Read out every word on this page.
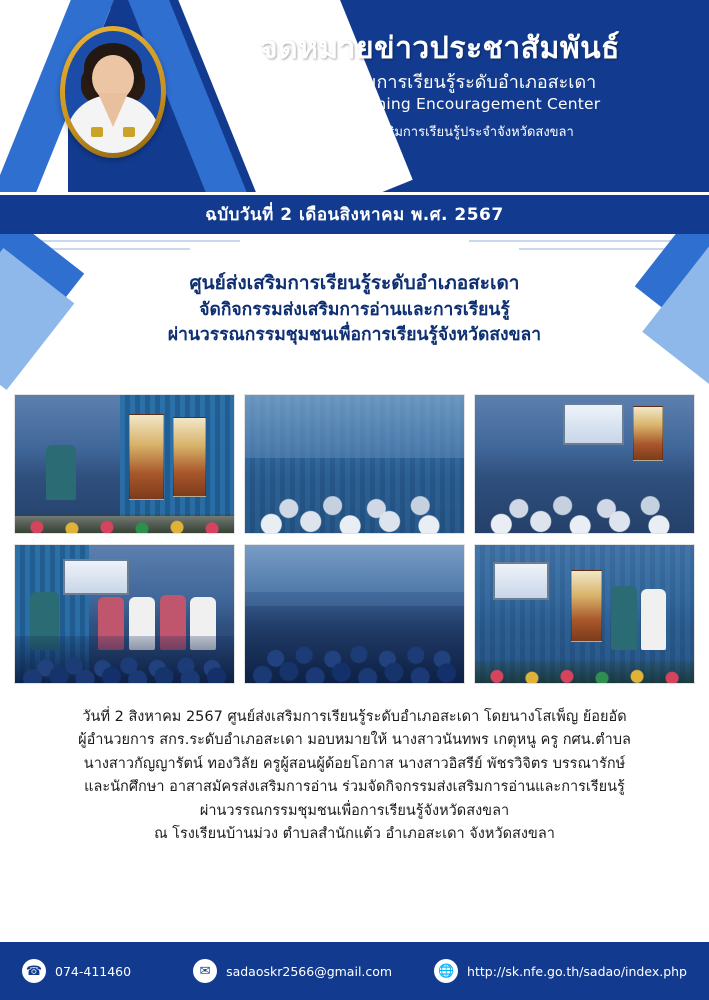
จดหมายข่าวประชาสัมพันธ์
ศูนย์ส่งเสริมการเรียนรู้ระดับอำเภอสะเดา
District Learning Encouragement Center
สำนักงานส่งเสริมการเรียนรู้ประจำจังหวัดสงขลา
ฉบับวันที่ 2 เดือนสิงหาคม พ.ศ. 2567
ศูนย์ส่งเสริมการเรียนรู้ระดับอำเภอสะเดา
จัดกิจกรรมส่งเสริมการอ่านและการเรียนรู้
ผ่านวรรณกรรมชุมชนเพื่อการเรียนรู้จังหวัดสงขลา
วันที่ 2 สิงหาคม 2567 ศูนย์ส่งเสริมการเรียนรู้ระดับอำเภอสะเดา โดยนางโสเพ็ญ ย้อยอัด
ผู้อำนวยการ สกร.ระดับอำเภอสะเดา มอบหมายให้ นางสาวนันทพร เกตุหนู ครู กศน.ตำบล
นางสาวกัญญารัตน์ ทองวิลัย ครูผู้สอนผู้ด้อยโอกาส นางสาวอิสรีย์ พัชรวิจิตร บรรณารักษ์
และนักศึกษา อาสาสมัครส่งเสริมการอ่าน ร่วมจัดกิจกรรมส่งเสริมการอ่านและการเรียนรู้
ผ่านวรรณกรรมชุมชนเพื่อการเรียนรู้จังหวัดสงขลา
ณ โรงเรียนบ้านม่วง ตำบลสำนักแต้ว อำเภอสะเดา จังหวัดสงขลา
☎	074-411460	✉	sadaoskr2566@gmail.com	🌐	http://sk.nfe.go.th/sadao/index.php
